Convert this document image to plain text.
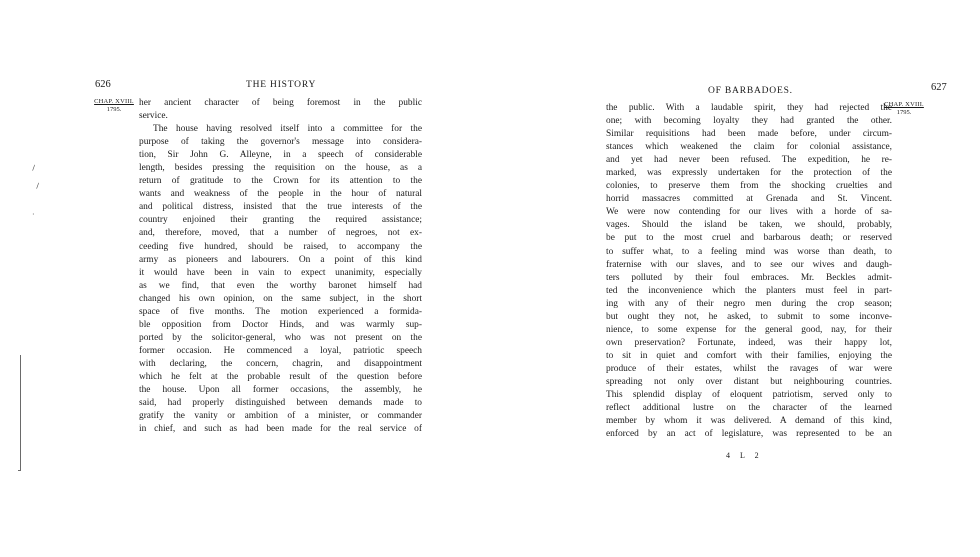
626	THE HISTORY
CHAP. XVIII.
1795.
her ancient character of being foremost in the public
service.
The house having resolved itself into a committee for the
purpose of taking the governor's message into considera-
tion, Sir John G. Alleyne, in a speech of considerable
length, besides pressing the requisition on the house, as a
return of gratitude to the Crown for its attention to the
wants and weakness of the people in the hour of natural
and political distress, insisted that the true interests of the
country enjoined their granting the required assistance;
and, therefore, moved, that a number of negroes, not ex-
ceeding five hundred, should be raised, to accompany the
army as pioneers and labourers. On a point of this kind
it would have been in vain to expect unanimity, especially
as we find, that even the worthy baronet himself had
changed his own opinion, on the same subject, in the short
space of five months. The motion experienced a formida-
ble opposition from Doctor Hinds, and was warmly sup-
ported by the solicitor-general, who was not present on the
former occasion. He commenced a loyal, patriotic speech
with declaring, the concern, chagrin, and disappointment
which he felt at the probable result of the question before
the house. Upon all former occasions, the assembly, he
said, had properly distinguished between demands made to
gratify the vanity or ambition of a minister, or commander
in chief, and such as had been made for the real service of
–
–
·
OF BARBADOES.	627
CHAP. XVIII.
1795.
the public. With a laudable spirit, they had rejected the
one; with becoming loyalty they had granted the other.
Similar requisitions had been made before, under circum-
stances which weakened the claim for colonial assistance,
and yet had never been refused. The expedition, he re-
marked, was expressly undertaken for the protection of the
colonies, to preserve them from the shocking cruelties and
horrid massacres committed at Grenada and St. Vincent.
We were now contending for our lives with a horde of sa-
vages. Should the island be taken, we should, probably,
be put to the most cruel and barbarous death; or reserved
to suffer what, to a feeling mind was worse than death, to
fraternise with our slaves, and to see our wives and daugh-
ters polluted by their foul embraces. Mr. Beckles admit-
ted the inconvenience which the planters must feel in part-
ing with any of their negro men during the crop season;
but ought they not, he asked, to submit to some inconve-
nience, to some expense for the general good, nay, for their
own preservation? Fortunate, indeed, was their happy lot,
to sit in quiet and comfort with their families, enjoying the
produce of their estates, whilst the ravages of war were
spreading not only over distant but neighbouring countries.
This splendid display of eloquent patriotism, served only to
reflect additional lustre on the character of the learned
member by whom it was delivered. A demand of this kind,
enforced by an act of legislature, was represented to be an
4 L 2
